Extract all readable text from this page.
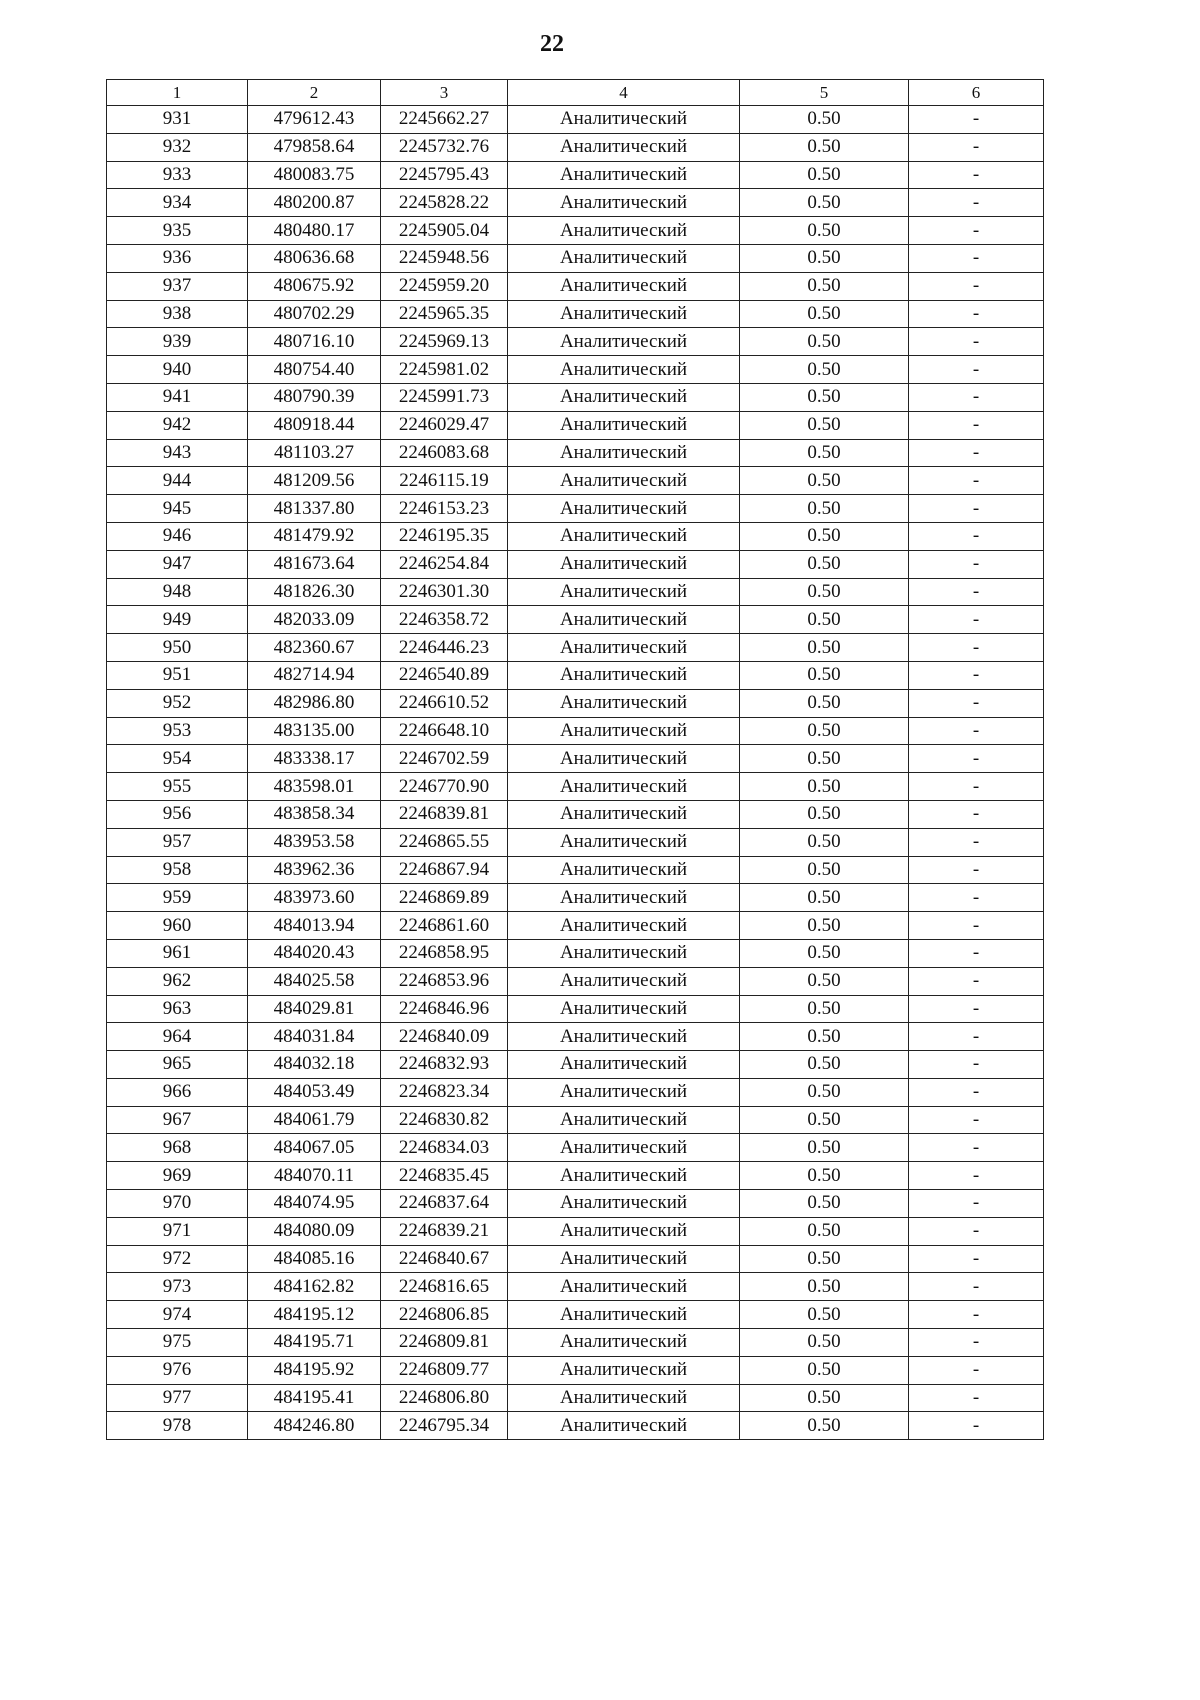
22
1	2	3	4	5	6
931	479612.43	2245662.27	Аналитический	0.50	-
932	479858.64	2245732.76	Аналитический	0.50	-
933	480083.75	2245795.43	Аналитический	0.50	-
934	480200.87	2245828.22	Аналитический	0.50	-
935	480480.17	2245905.04	Аналитический	0.50	-
936	480636.68	2245948.56	Аналитический	0.50	-
937	480675.92	2245959.20	Аналитический	0.50	-
938	480702.29	2245965.35	Аналитический	0.50	-
939	480716.10	2245969.13	Аналитический	0.50	-
940	480754.40	2245981.02	Аналитический	0.50	-
941	480790.39	2245991.73	Аналитический	0.50	-
942	480918.44	2246029.47	Аналитический	0.50	-
943	481103.27	2246083.68	Аналитический	0.50	-
944	481209.56	2246115.19	Аналитический	0.50	-
945	481337.80	2246153.23	Аналитический	0.50	-
946	481479.92	2246195.35	Аналитический	0.50	-
947	481673.64	2246254.84	Аналитический	0.50	-
948	481826.30	2246301.30	Аналитический	0.50	-
949	482033.09	2246358.72	Аналитический	0.50	-
950	482360.67	2246446.23	Аналитический	0.50	-
951	482714.94	2246540.89	Аналитический	0.50	-
952	482986.80	2246610.52	Аналитический	0.50	-
953	483135.00	2246648.10	Аналитический	0.50	-
954	483338.17	2246702.59	Аналитический	0.50	-
955	483598.01	2246770.90	Аналитический	0.50	-
956	483858.34	2246839.81	Аналитический	0.50	-
957	483953.58	2246865.55	Аналитический	0.50	-
958	483962.36	2246867.94	Аналитический	0.50	-
959	483973.60	2246869.89	Аналитический	0.50	-
960	484013.94	2246861.60	Аналитический	0.50	-
961	484020.43	2246858.95	Аналитический	0.50	-
962	484025.58	2246853.96	Аналитический	0.50	-
963	484029.81	2246846.96	Аналитический	0.50	-
964	484031.84	2246840.09	Аналитический	0.50	-
965	484032.18	2246832.93	Аналитический	0.50	-
966	484053.49	2246823.34	Аналитический	0.50	-
967	484061.79	2246830.82	Аналитический	0.50	-
968	484067.05	2246834.03	Аналитический	0.50	-
969	484070.11	2246835.45	Аналитический	0.50	-
970	484074.95	2246837.64	Аналитический	0.50	-
971	484080.09	2246839.21	Аналитический	0.50	-
972	484085.16	2246840.67	Аналитический	0.50	-
973	484162.82	2246816.65	Аналитический	0.50	-
974	484195.12	2246806.85	Аналитический	0.50	-
975	484195.71	2246809.81	Аналитический	0.50	-
976	484195.92	2246809.77	Аналитический	0.50	-
977	484195.41	2246806.80	Аналитический	0.50	-
978	484246.80	2246795.34	Аналитический	0.50	-
